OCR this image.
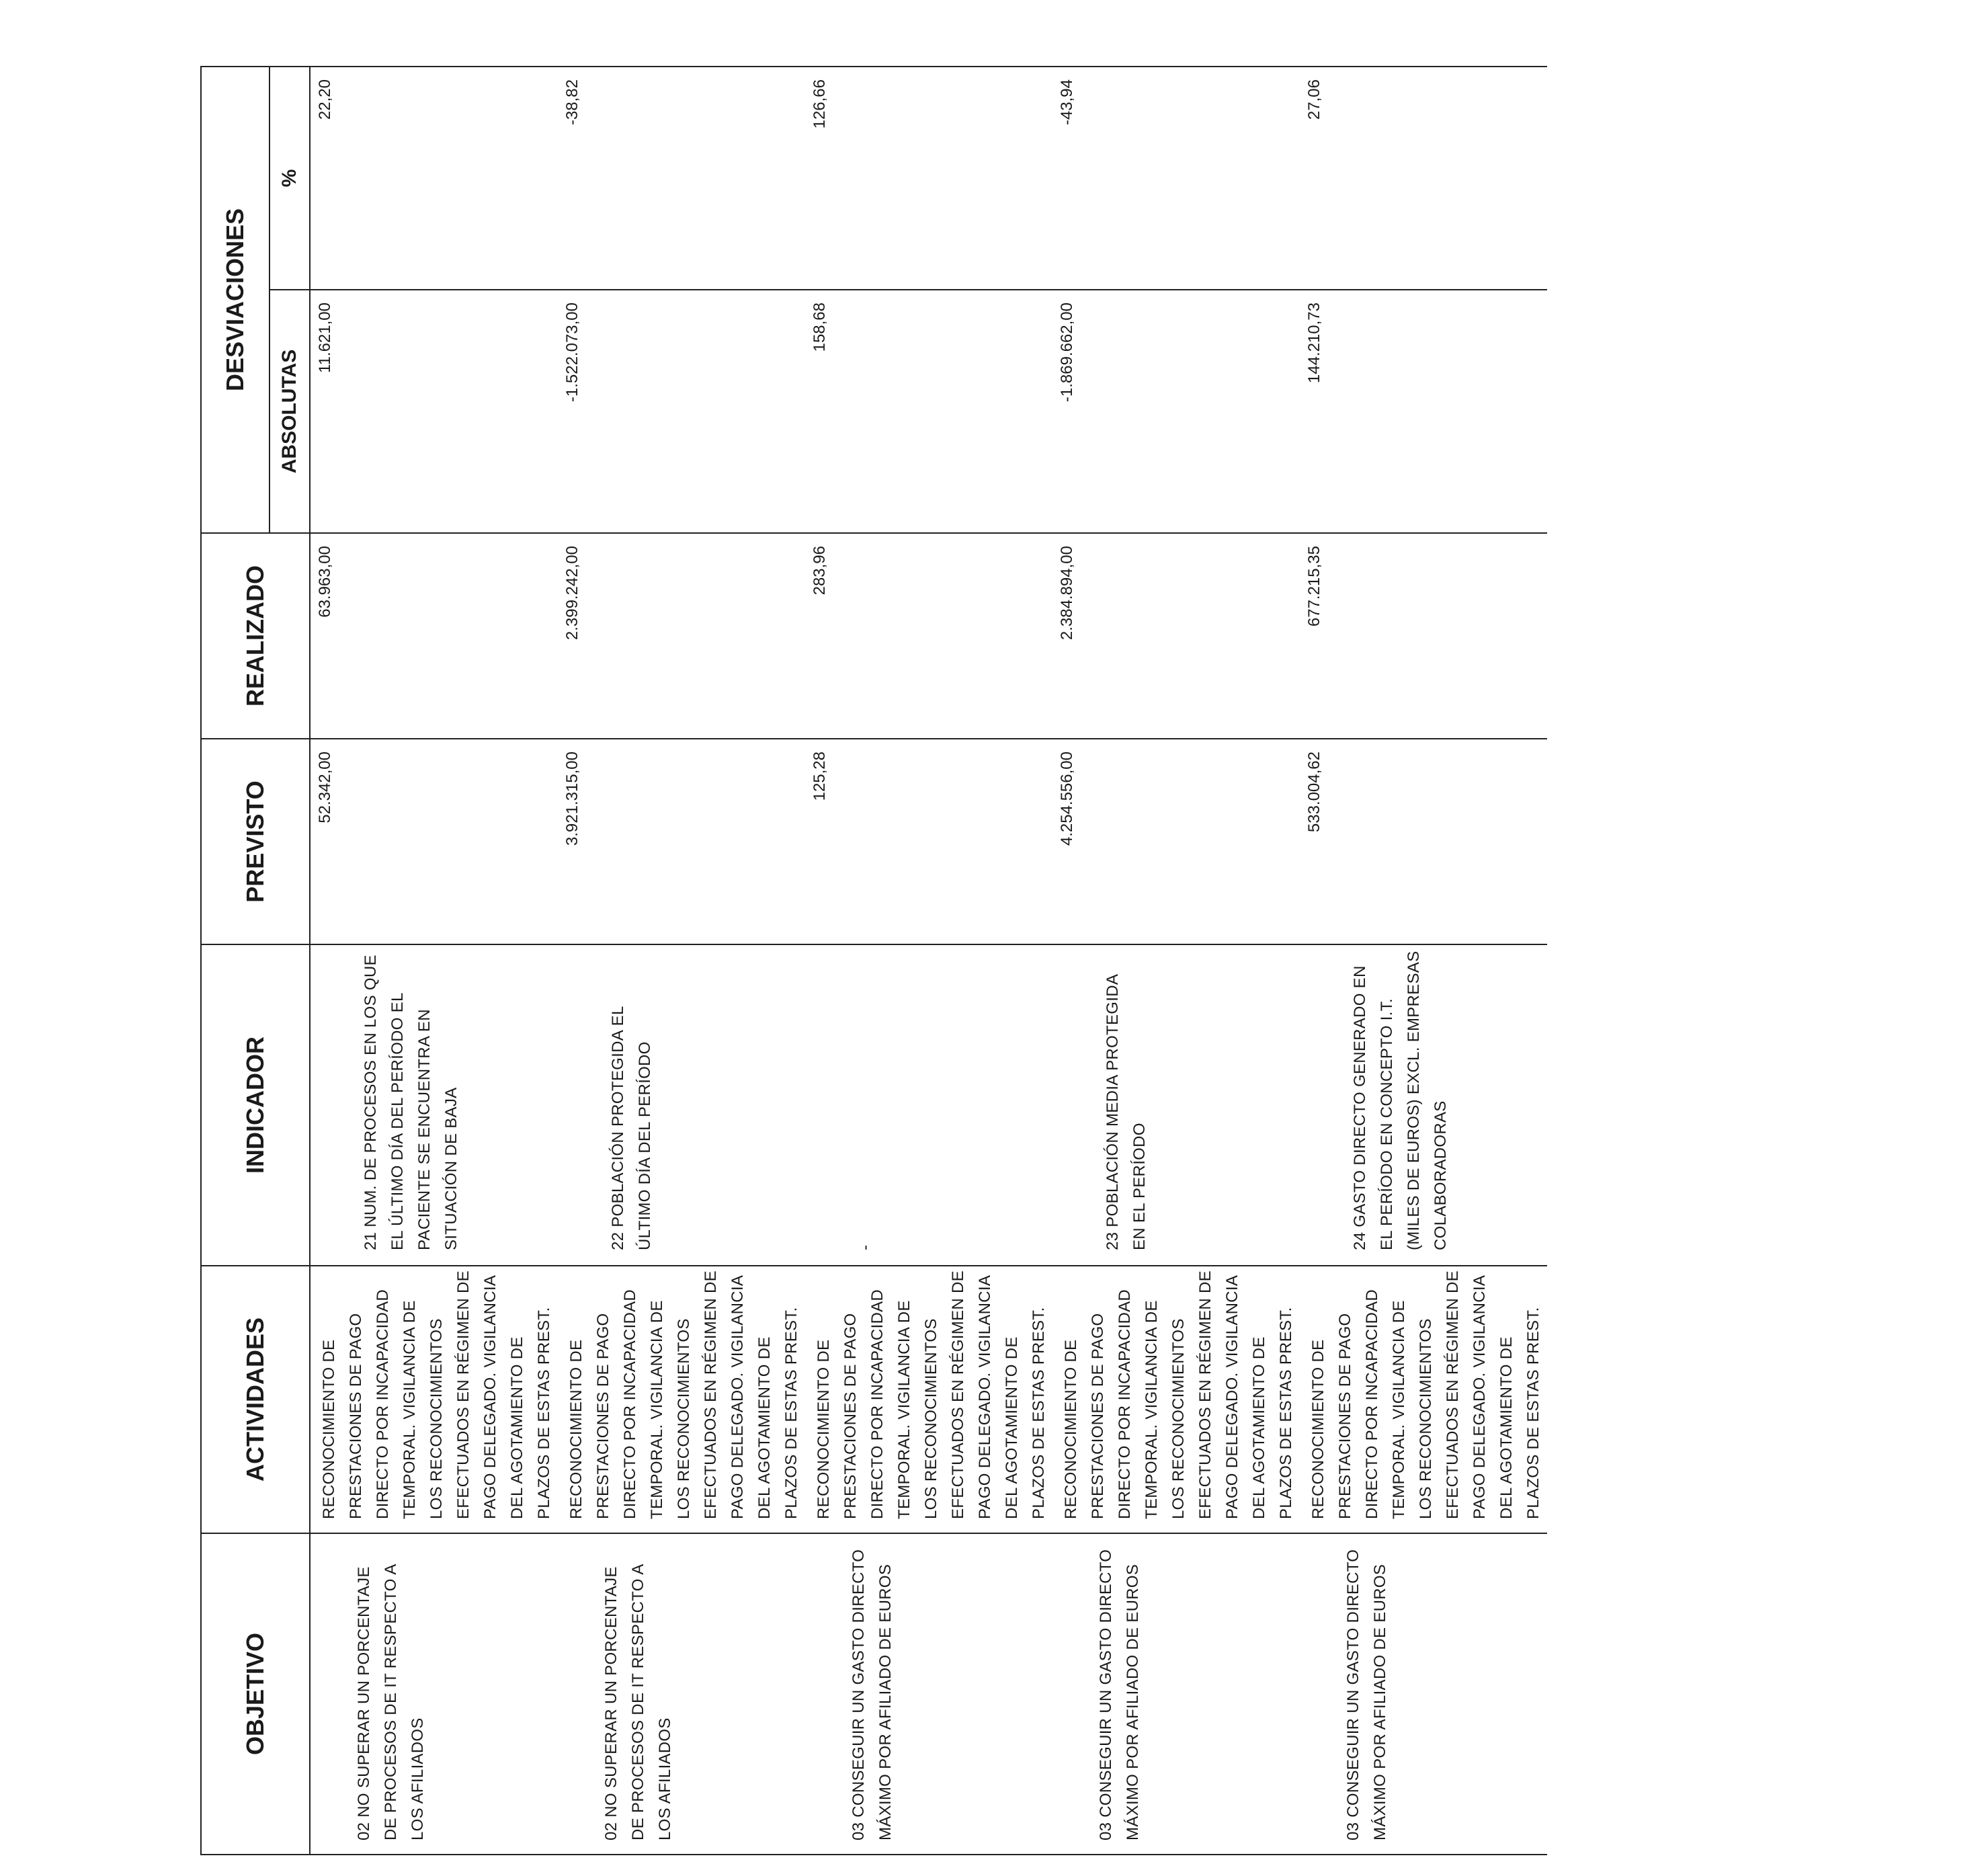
OBJETIVO	ACTIVIDADES	INDICADOR	PREVISTO	REALIZADO	DESVIACIONES	
					ABSOLUTAS	%
02 NO SUPERAR UN PORCENTAJE DE PROCESOS DE IT RESPECTO A LOS AFILIADOS	RECONOCIMIENTO DE PRESTACIONES DE PAGO DIRECTO POR INCAPACIDAD TEMPORAL. VIGILANCIA DE LOS RECONOCIMIENTOS EFECTUADOS EN RÉGIMEN DE PAGO DELEGADO. VIGILANCIA DEL AGOTAMIENTO DE PLAZOS DE ESTAS PREST.	21 NUM. DE PROCESOS EN LOS QUE EL ÚLTIMO DÍA DEL PERÍODO EL PACIENTE SE ENCUENTRA EN SITUACIÓN DE BAJA	52.342,00	63.963,00	11.621,00	22,20
02 NO SUPERAR UN PORCENTAJE DE PROCESOS DE IT RESPECTO A LOS AFILIADOS	RECONOCIMIENTO DE PRESTACIONES DE PAGO DIRECTO POR INCAPACIDAD TEMPORAL. VIGILANCIA DE LOS RECONOCIMIENTOS EFECTUADOS EN RÉGIMEN DE PAGO DELEGADO. VIGILANCIA DEL AGOTAMIENTO DE PLAZOS DE ESTAS PREST.	22 POBLACIÓN PROTEGIDA EL ÚLTIMO DÍA DEL PERÍODO	3.921.315,00	2.399.242,00	-1.522.073,00	-38,82
03 CONSEGUIR UN GASTO DIRECTO MÁXIMO POR AFILIADO DE EUROS	RECONOCIMIENTO DE PRESTACIONES DE PAGO DIRECTO POR INCAPACIDAD TEMPORAL. VIGILANCIA DE LOS RECONOCIMIENTOS EFECTUADOS EN RÉGIMEN DE PAGO DELEGADO. VIGILANCIA DEL AGOTAMIENTO DE PLAZOS DE ESTAS PREST.	-	125,28	283,96	158,68	126,66
03 CONSEGUIR UN GASTO DIRECTO MÁXIMO POR AFILIADO DE EUROS	RECONOCIMIENTO DE PRESTACIONES DE PAGO DIRECTO POR INCAPACIDAD TEMPORAL. VIGILANCIA DE LOS RECONOCIMIENTOS EFECTUADOS EN RÉGIMEN DE PAGO DELEGADO. VIGILANCIA DEL AGOTAMIENTO DE PLAZOS DE ESTAS PREST.	23 POBLACIÓN MEDIA PROTEGIDA EN EL PERÍODO	4.254.556,00	2.384.894,00	-1.869.662,00	-43,94
03 CONSEGUIR UN GASTO DIRECTO MÁXIMO POR AFILIADO DE EUROS	RECONOCIMIENTO DE PRESTACIONES DE PAGO DIRECTO POR INCAPACIDAD TEMPORAL. VIGILANCIA DE LOS RECONOCIMIENTOS EFECTUADOS EN RÉGIMEN DE PAGO DELEGADO. VIGILANCIA DEL AGOTAMIENTO DE PLAZOS DE ESTAS PREST.	24 GASTO DIRECTO GENERADO EN EL PERÍODO EN CONCEPTO I.T.(MILES DE EUROS) EXCL. EMPRESAS COLABORADORAS	533.004,62	677.215,35	144.210,73	27,06
